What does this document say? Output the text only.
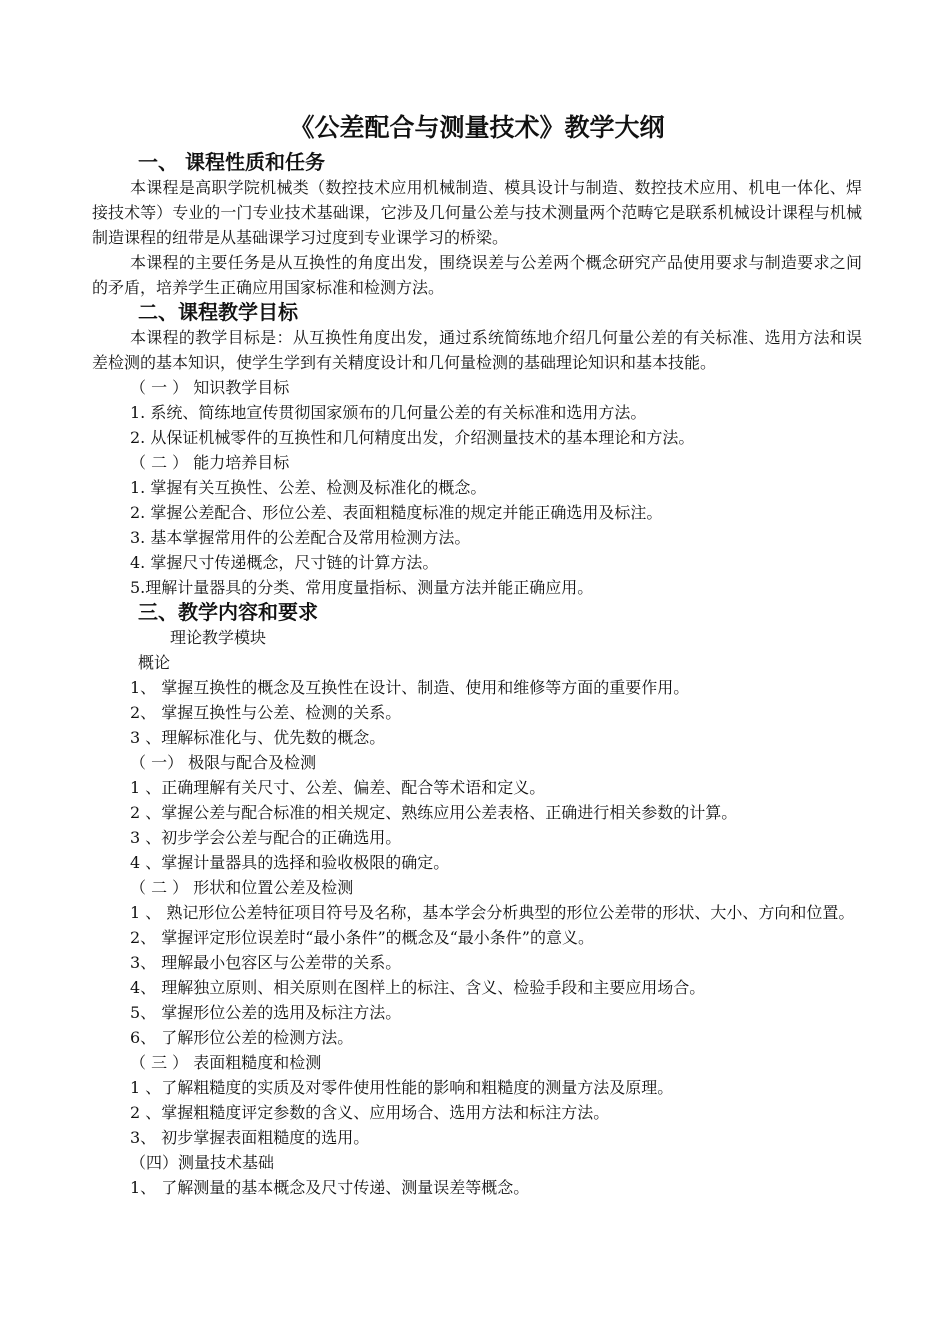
《公差配合与测量技术》教学大纲
一、 课程性质和任务

本课程是高职学院机械类（数控技术应用机械制造、模具设计与制造、数控技术应用、机电一体化、焊接技术等）专业的一门专业技术基础课，它涉及几何量公差与技术测量两个范畴它是联系机械设计课程与机械制造课程的纽带是从基础课学习过度到专业课学习的桥梁。

本课程的主要任务是从互换性的角度出发，围绕误差与公差两个概念研究产品使用要求与制造要求之间的矛盾，培养学生正确应用国家标准和检测方法。

二、课程教学目标

本课程的教学目标是：从互换性角度出发，通过系统简练地介绍几何量公差的有关标准、选用方法和误差检测的基本知识，使学生学到有关精度设计和几何量检测的基础理论知识和基本技能。

（ 一 ） 知识教学目标
1. 系统、简练地宣传贯彻国家颁布的几何量公差的有关标准和选用方法。
2. 从保证机械零件的互换性和几何精度出发，介绍测量技术的基本理论和方法。
（ 二 ） 能力培养目标
1. 掌握有关互换性、公差、检测及标准化的概念。
2. 掌握公差配合、形位公差、表面粗糙度标准的规定并能正确选用及标注。
3. 基本掌握常用件的公差配合及常用检测方法。
4. 掌握尺寸传递概念，尺寸链的计算方法。
5.理解计量器具的分类、常用度量指标、测量方法并能正确应用。
三、教学内容和要求
理论教学模块
概论
1、 掌握互换性的概念及互换性在设计、制造、使用和维修等方面的重要作用。
2、 掌握互换性与公差、检测的关系。
3 、理解标准化与、优先数的概念。
（ 一） 极限与配合及检测
1 、正确理解有关尺寸、公差、偏差、配合等术语和定义。
2 、掌握公差与配合标准的相关规定、熟练应用公差表格、正确进行相关参数的计算。
3 、初步学会公差与配合的正确选用。
4 、掌握计量器具的选择和验收极限的确定。
（ 二 ） 形状和位置公差及检测

1 、 熟记形位公差特征项目符号及名称，基本学会分析典型的形位公差带的形状、大小、方向和位置。

2、 掌握评定形位误差时“最小条件”的概念及“最小条件”的意义。
3、 理解最小包容区与公差带的关系。
4、 理解独立原则、相关原则在图样上的标注、含义、检验手段和主要应用场合。
5、 掌握形位公差的选用及标注方法。
6、 了解形位公差的检测方法。
（ 三 ） 表面粗糙度和检测
1 、了解粗糙度的实质及对零件使用性能的影响和粗糙度的测量方法及原理。
2 、掌握粗糙度评定参数的含义、应用场合、选用方法和标注方法。
3、 初步掌握表面粗糙度的选用。
（四）测量技术基础
1、 了解测量的基本概念及尺寸传递、测量误差等概念。
